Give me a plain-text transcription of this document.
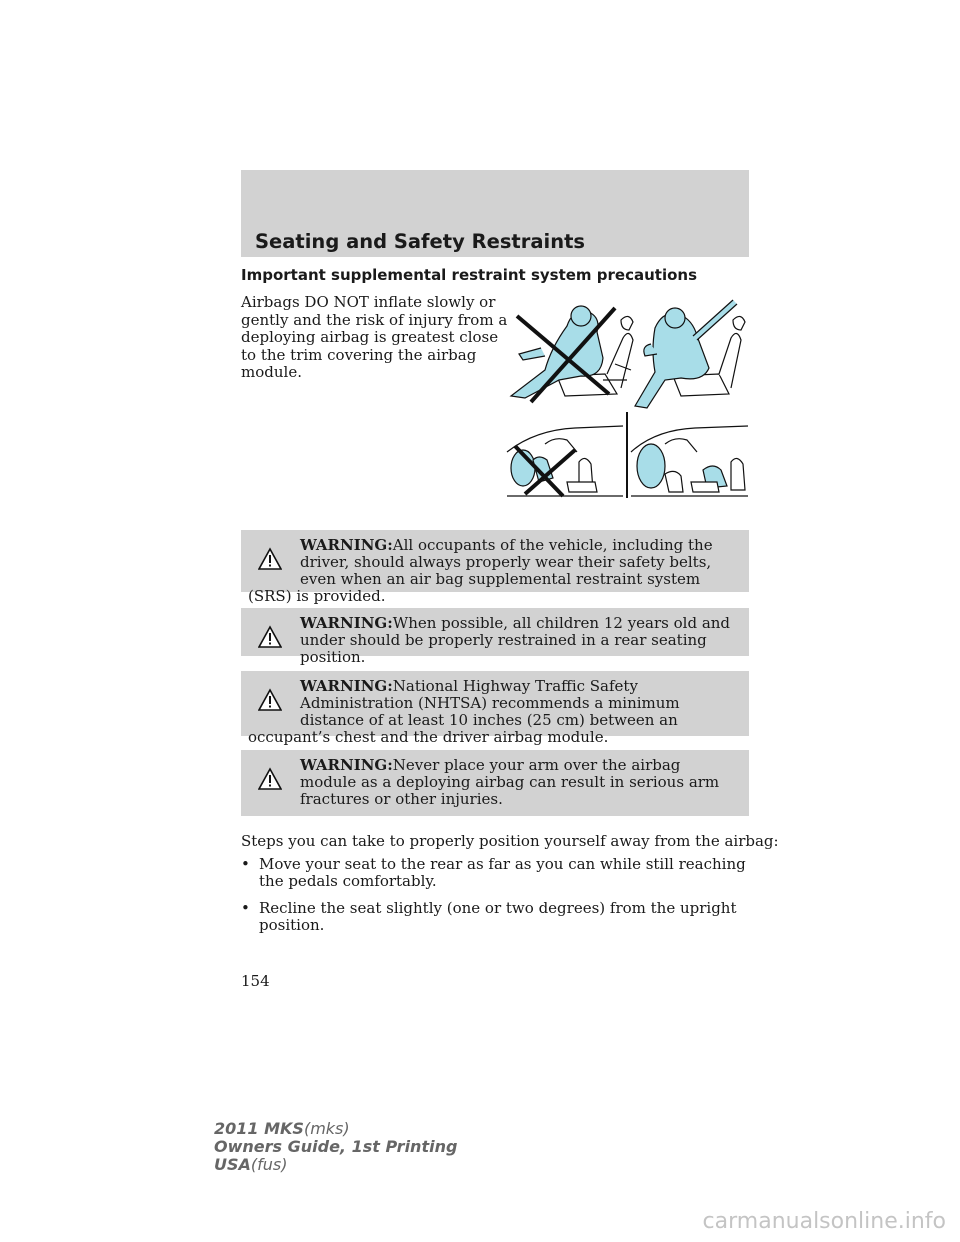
Seating and Safety Restraints
Important supplemental restraint system precautions
Airbags DO NOT inflate slowly or gently and the risk of injury from a deploying airbag is greatest close to the trim covering the airbag module.

WARNING:All occupants of the vehicle, including the driver, should always properly wear their safety belts, even when an air bag supplemental restraint system (SRS) is provided.

WARNING:When possible, all children 12 years old and under should be properly restrained in a rear seating position.

WARNING:National Highway Traffic Safety Administration (NHTSA) recommends a minimum distance of at least 10 inches (25 cm) between an occupant’s chest and the driver airbag module.

WARNING:Never place your arm over the airbag module as a deploying airbag can result in serious arm fractures or other injuries.

Steps you can take to properly position yourself away from the airbag:
• Move your seat to the rear as far as you can while still reaching the pedals comfortably.
• Recline the seat slightly (one or two degrees) from the upright position.
154
2011 MKS(mks)
Owners Guide, 1st Printing
USA(fus)
carmanualsonline.info
